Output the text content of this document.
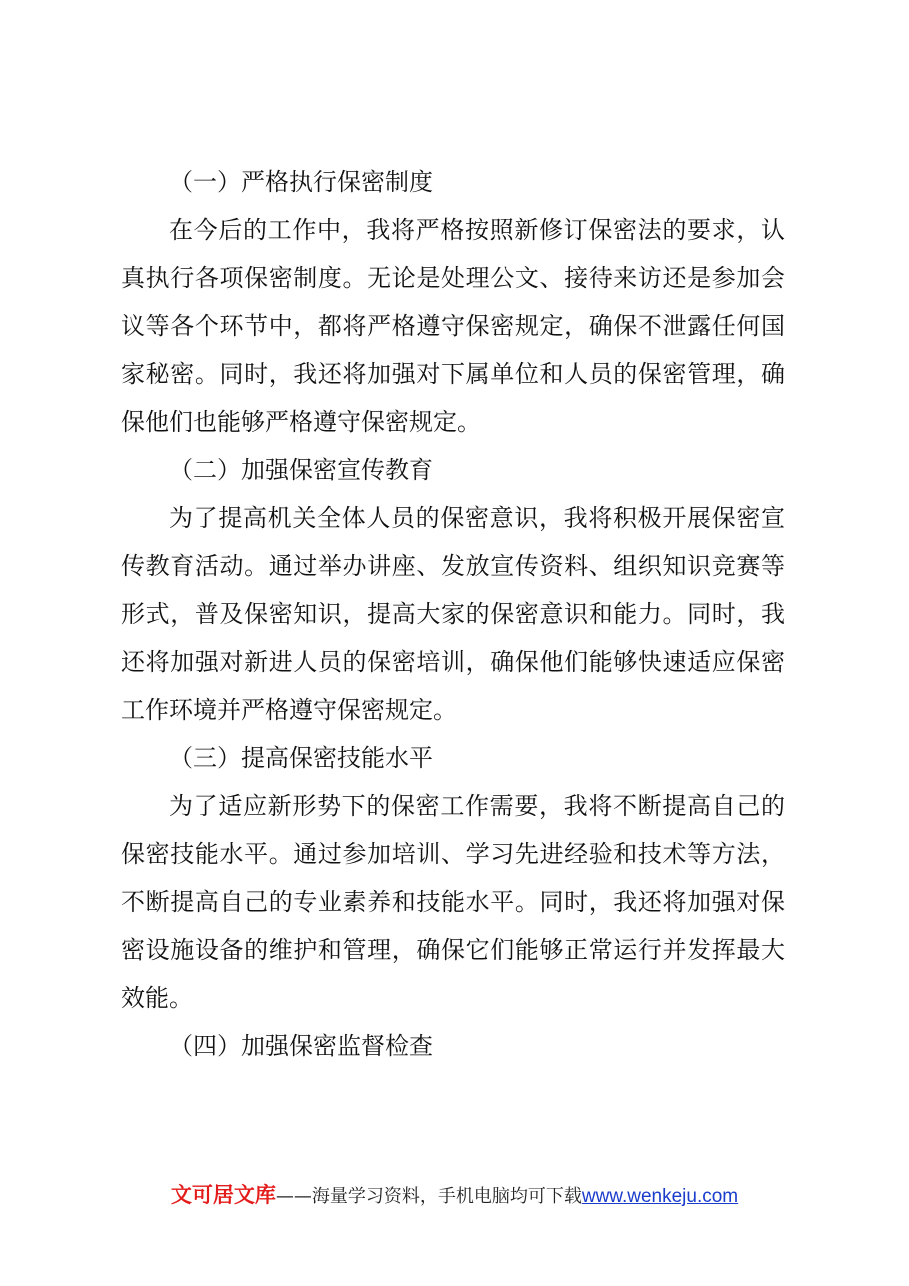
（一）严格执行保密制度

在今后的工作中，我将严格按照新修订保密法的要求，认真执行各项保密制度。无论是处理公文、接待来访还是参加会议等各个环节中，都将严格遵守保密规定，确保不泄露任何国家秘密。同时，我还将加强对下属单位和人员的保密管理，确保他们也能够严格遵守保密规定。

（二）加强保密宣传教育

为了提高机关全体人员的保密意识，我将积极开展保密宣传教育活动。通过举办讲座、发放宣传资料、组织知识竞赛等形式，普及保密知识，提高大家的保密意识和能力。同时，我还将加强对新进人员的保密培训，确保他们能够快速适应保密工作环境并严格遵守保密规定。

（三）提高保密技能水平

为了适应新形势下的保密工作需要，我将不断提高自己的保密技能水平。通过参加培训、学习先进经验和技术等方法，不断提高自己的专业素养和技能水平。同时，我还将加强对保密设施设备的维护和管理，确保它们能够正常运行并发挥最大效能。

（四）加强保密监督检查

文可居文库——海量学习资料，手机电脑均可下载www.wenkeju.com
